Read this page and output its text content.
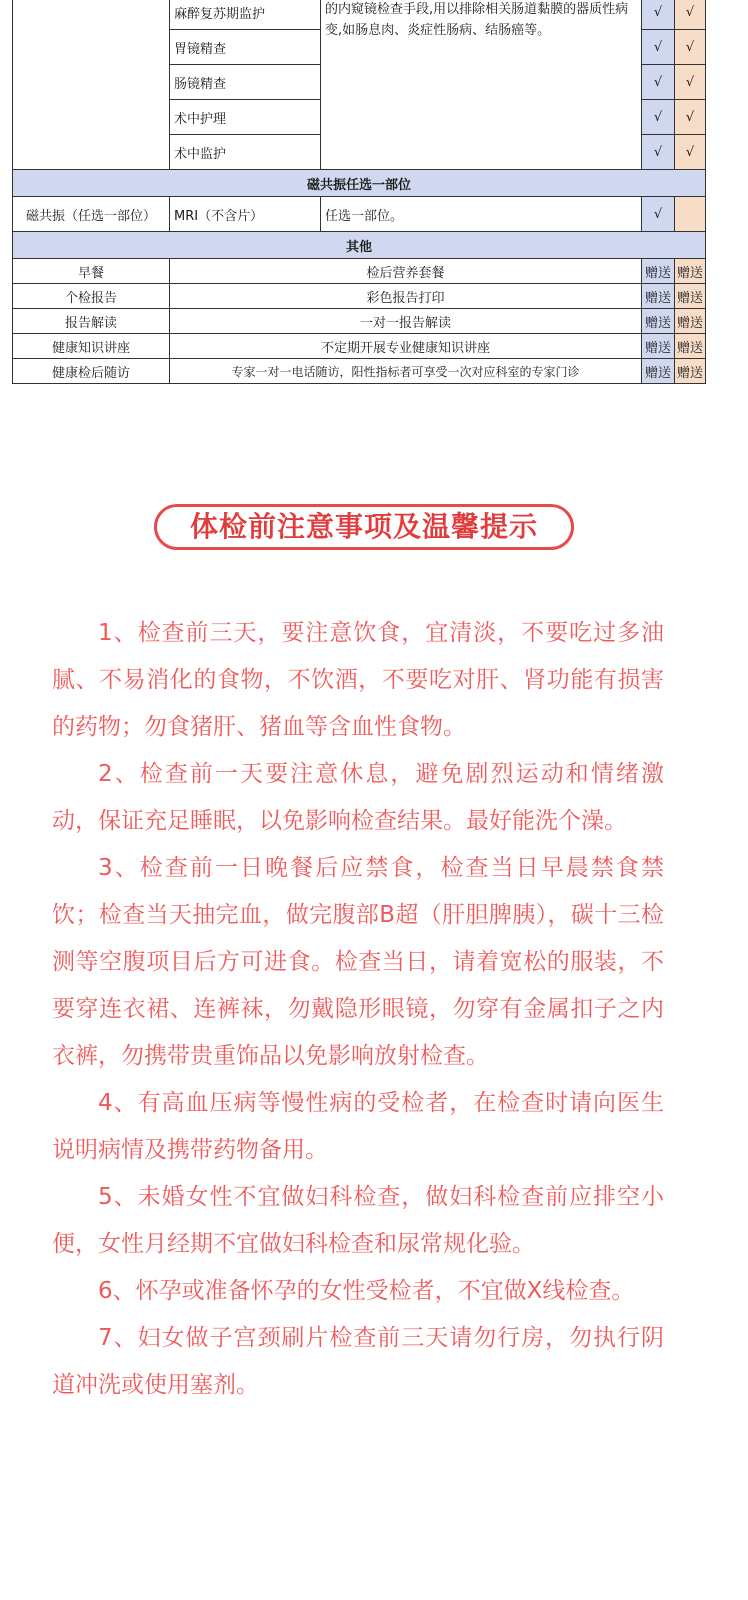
	麻醉复苏期监护	的内窥镜检查手段,用以排除相关肠道黏膜的器质性病变,如肠息肉、炎症性肠病、结肠癌等。	√	√
	胃镜精查		√	√
	肠镜精查		√	√
	术中护理		√	√
	术中监护		√	√
磁共振任选一部位				
磁共振（任选一部位）	MRI（不含片）	任选一部位。	√	
其他				
早餐	检后营养套餐		赠送	赠送
个检报告	彩色报告打印		赠送	赠送
报告解读	一对一报告解读		赠送	赠送
健康知识讲座	不定期开展专业健康知识讲座		赠送	赠送
健康检后随访	专家一对一电话随访，阳性指标者可享受一次对应科室的专家门诊		赠送	赠送
体检前注意事项及温馨提示

1、检查前三天，要注意饮食，宜清淡，不要吃过多油腻、不易消化的食物，不饮酒，不要吃对肝、肾功能有损害的药物；勿食猪肝、猪血等含血性食物。

2、检查前一天要注意休息，避免剧烈运动和情绪激动，保证充足睡眠，以免影响检查结果。最好能洗个澡。

3、检查前一日晚餐后应禁食，检查当日早晨禁食禁饮；检查当天抽完血，做完腹部B超（肝胆脾胰），碳十三检测等空腹项目后方可进食。检查当日，请着宽松的服装，不要穿连衣裙、连裤袜，勿戴隐形眼镜，勿穿有金属扣子之内衣裤，勿携带贵重饰品以免影响放射检查。

4、有高血压病等慢性病的受检者，在检查时请向医生说明病情及携带药物备用。

5、未婚女性不宜做妇科检查，做妇科检查前应排空小便，女性月经期不宜做妇科检查和尿常规化验。

6、怀孕或准备怀孕的女性受检者，不宜做X线检查。

7、妇女做子宫颈刷片检查前三天请勿行房，勿执行阴道冲洗或使用塞剂。
